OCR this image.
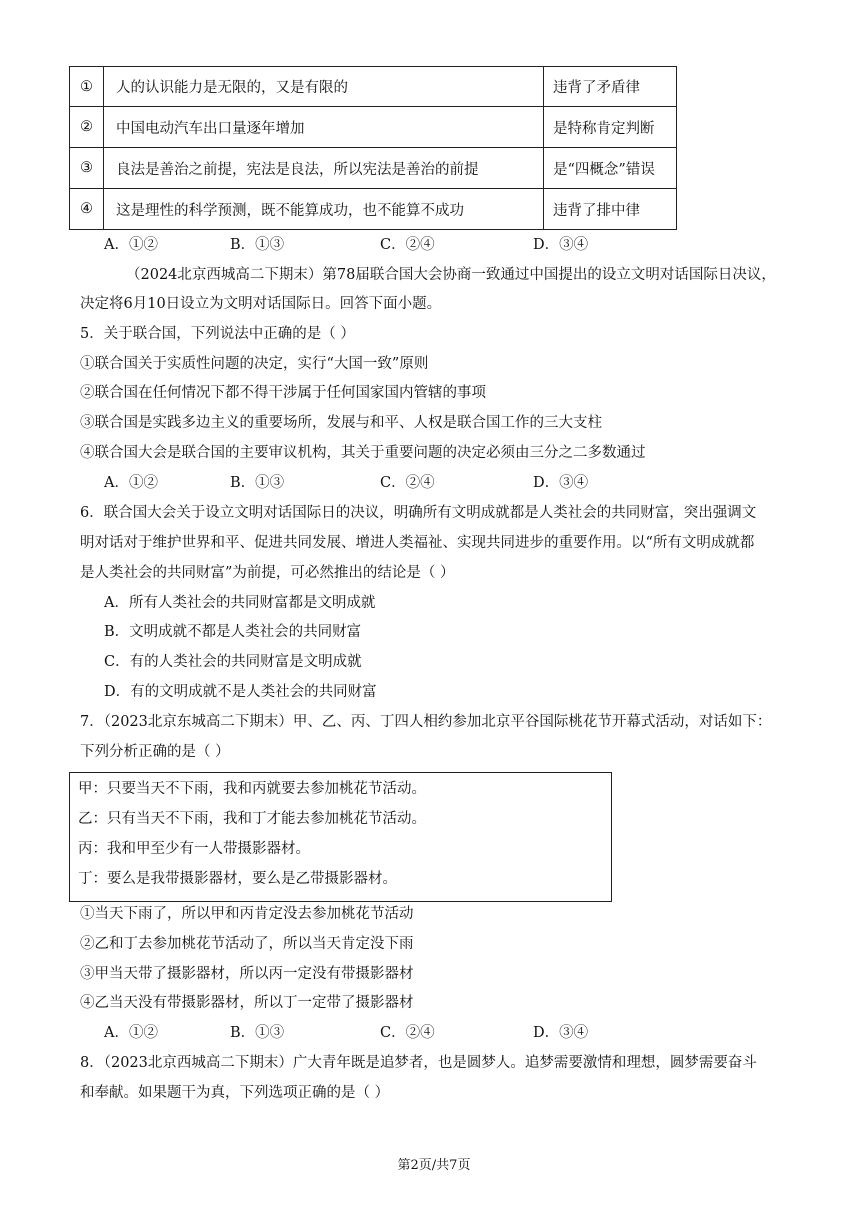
①	人的认识能力是无限的，又是有限的	违背了矛盾律
②	中国电动汽车出口量逐年增加	是特称肯定判断
③	良法是善治之前提，宪法是良法，所以宪法是善治的前提	是“四概念”错误
④	这是理性的科学预测，既不能算成功，也不能算不成功	违背了排中律
A．①②	B．①③	C．②④	D．③④
（2024北京西城高二下期末）第78届联合国大会协商一致通过中国提出的设立文明对话国际日决议，
决定将6月10日设立为文明对话国际日。回答下面小题。
5．关于联合国，下列说法中正确的是（ ）
①联合国关于实质性问题的决定，实行“大国一致”原则
②联合国在任何情况下都不得干涉属于任何国家国内管辖的事项
③联合国是实践多边主义的重要场所，发展与和平、人权是联合国工作的三大支柱
④联合国大会是联合国的主要审议机构，其关于重要问题的决定必须由三分之二多数通过
A．①②	B．①③	C．②④	D．③④
6．联合国大会关于设立文明对话国际日的决议，明确所有文明成就都是人类社会的共同财富，突出强调文
明对话对于维护世界和平、促进共同发展、增进人类福祉、实现共同进步的重要作用。以“所有文明成就都
是人类社会的共同财富”为前提，可必然推出的结论是（ ）
A．所有人类社会的共同财富都是文明成就
B．文明成就不都是人类社会的共同财富
C．有的人类社会的共同财富是文明成就
D．有的文明成就不是人类社会的共同财富
7．（2023北京东城高二下期末）甲、乙、丙、丁四人相约参加北京平谷国际桃花节开幕式活动，对话如下：
下列分析正确的是（ ）
甲：只要当天不下雨，我和丙就要去参加桃花节活动。
乙：只有当天不下雨，我和丁才能去参加桃花节活动。
丙：我和甲至少有一人带摄影器材。
丁：要么是我带摄影器材，要么是乙带摄影器材。
①当天下雨了，所以甲和丙肯定没去参加桃花节活动
②乙和丁去参加桃花节活动了，所以当天肯定没下雨
③甲当天带了摄影器材，所以丙一定没有带摄影器材
④乙当天没有带摄影器材，所以丁一定带了摄影器材
A．①②	B．①③	C．②④	D．③④
8．（2023北京西城高二下期末）广大青年既是追梦者，也是圆梦人。追梦需要激情和理想，圆梦需要奋斗
和奉献。如果题干为真，下列选项正确的是（ ）
第2页/共7页
